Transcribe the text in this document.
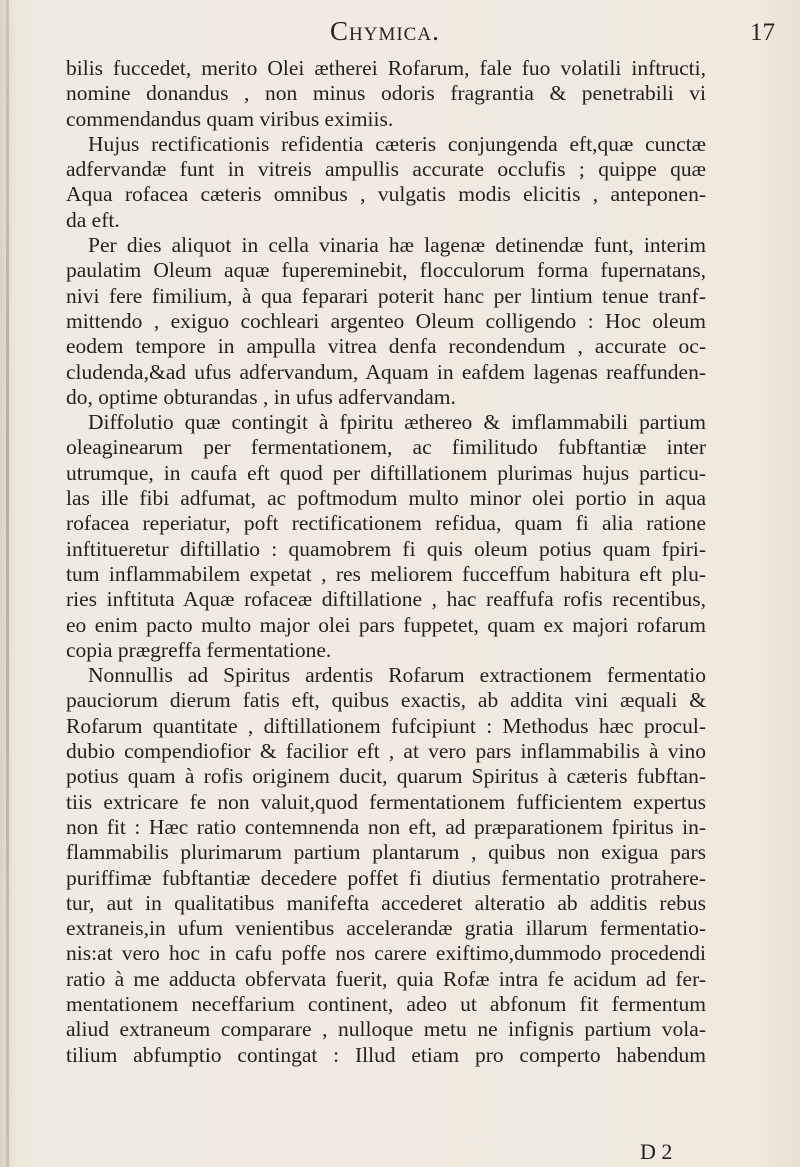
Chymica.	17
bilis fuccedet, merito Olei ætherei Rofarum, fale fuo volatili inftructi,
nomine donandus , non minus odoris fragrantia & penetrabili vi
commendandus quam viribus eximiis.
Hujus rectificationis refidentia cæteris conjungenda eft,quæ cunctæ
adfervandæ funt in vitreis ampullis accurate occlufis ; quippe quæ
Aqua rofacea cæteris omnibus , vulgatis modis elicitis , anteponen-
da eft.
Per dies aliquot in cella vinaria hæ lagenæ detinendæ funt, interim
paulatim Oleum aquæ fupereminebit, flocculorum forma fupernatans,
nivi fere fimilium, à qua feparari poterit hanc per lintium tenue tranf-
mittendo , exiguo cochleari argenteo Oleum colligendo : Hoc oleum
eodem tempore in ampulla vitrea denfa recondendum , accurate oc-
cludenda,&ad ufus adfervandum, Aquam in eafdem lagenas reaffunden-
do, optime obturandas , in ufus adfervandam.
Diffolutio quæ contingit à fpiritu æthereo & imflammabili partium
oleaginearum per fermentationem, ac fimilitudo fubftantiæ inter
utrumque, in caufa eft quod per diftillationem plurimas hujus particu-
las ille fibi adfumat, ac poftmodum multo minor olei portio in aqua
rofacea reperiatur, poft rectificationem refidua, quam fi alia ratione
inftitueretur diftillatio : quamobrem fi quis oleum potius quam fpiri-
tum inflammabilem expetat , res meliorem fucceffum habitura eft plu-
ries inftituta Aquæ rofaceæ diftillatione , hac reaffufa rofis recentibus,
eo enim pacto multo major olei pars fuppetet, quam ex majori rofarum
copia prægreffa fermentatione.
Nonnullis ad Spiritus ardentis Rofarum extractionem fermentatio
pauciorum dierum fatis eft, quibus exactis, ab addita vini æquali &
Rofarum quantitate , diftillationem fufcipiunt : Methodus hæc procul-
dubio compendiofior & facilior eft , at vero pars inflammabilis à vino
potius quam à rofis originem ducit, quarum Spiritus à cæteris fubftan-
tiis extricare fe non valuit,quod fermentationem fufficientem expertus
non fit : Hæc ratio contemnenda non eft, ad præparationem fpiritus in-
flammabilis plurimarum partium plantarum , quibus non exigua pars
puriffimæ fubftantiæ decedere poffet fi diutius fermentatio protrahere-
tur, aut in qualitatibus manifefta accederet alteratio ab additis rebus
extraneis,in ufum venientibus accelerandæ gratia illarum fermentatio-
nis:at vero hoc in cafu poffe nos carere exiftimo,dummodo procedendi
ratio à me adducta obfervata fuerit, quia Rofæ intra fe acidum ad fer-
mentationem neceffarium continent, adeo ut abfonum fit fermentum
aliud extraneum comparare , nulloque metu ne infignis partium vola-
tilium abfumptio contingat : Illud etiam pro comperto habendum
D 2
